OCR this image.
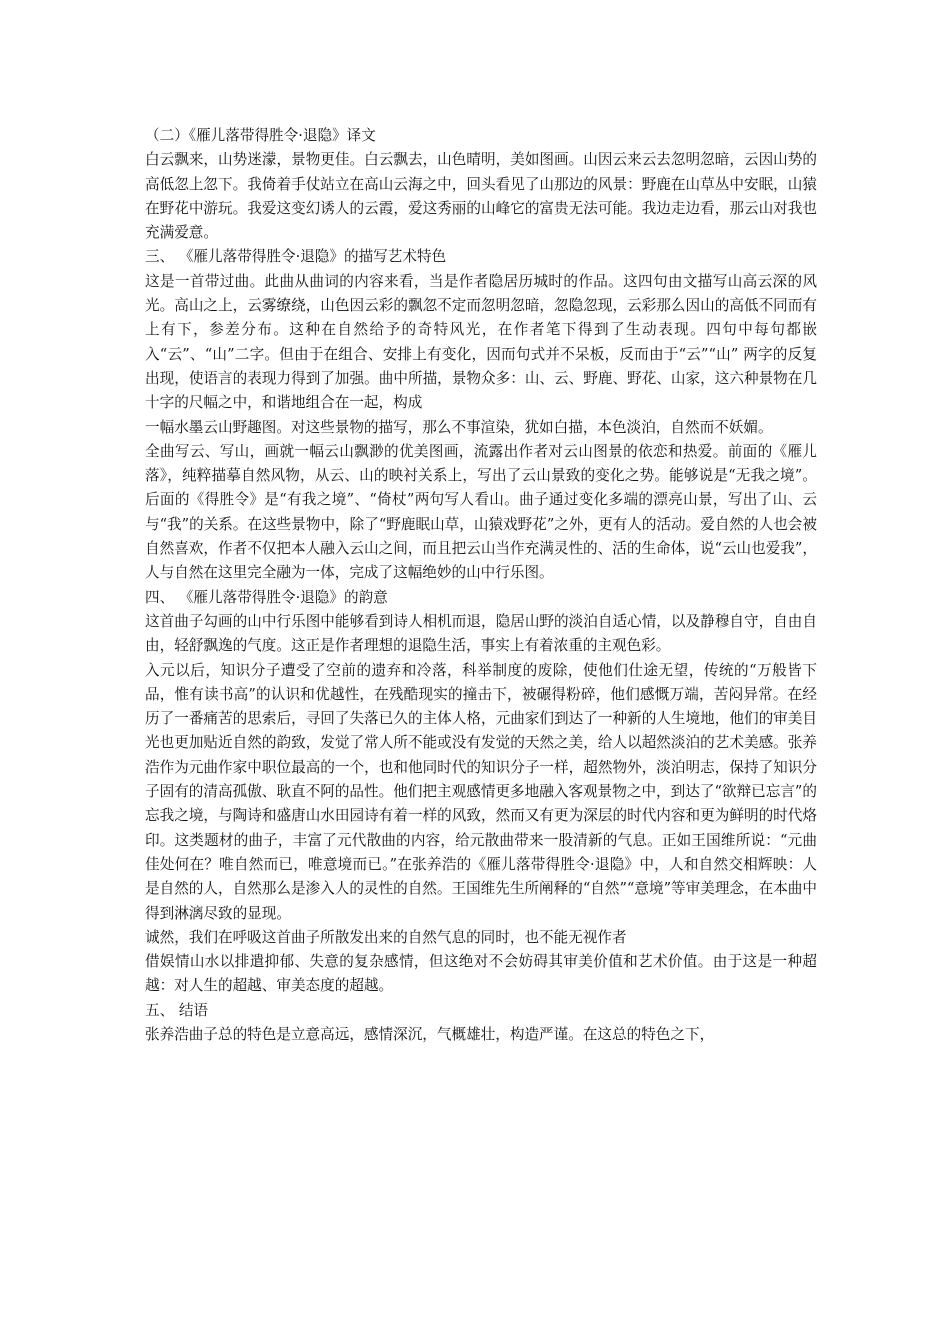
（二）《雁儿落带得胜令·退隐》译文

白云飘来，山势迷濛，景物更佳。白云飘去，山色晴明，美如图画。山因云来云去忽明忽暗，云因山势的高低忽上忽下。我倚着手仗站立在高山云海之中，回头看见了山那边的风景：野鹿在山草丛中安眠，山猿在野花中游玩。我爱这变幻诱人的云霞，爱这秀丽的山峰它的富贵无法可能。我边走边看，那云山对我也充满爱意。

三、 《雁儿落带得胜令·退隐》的描写艺术特色

这是一首带过曲。此曲从曲词的内容来看，当是作者隐居历城时的作品。这四句由文描写山高云深的风光。高山之上，云雾缭绕，山色因云彩的飘忽不定而忽明忽暗，忽隐忽现，云彩那么因山的高低不同而有上有下，参差分布。这种在自然给予的奇特风光，在作者笔下得到了生动表现。四句中每句都嵌入“云”、“山”二字。但由于在组合、安排上有变化，因而句式并不呆板，反而由于“云”“山” 两字的反复出现，使语言的表现力得到了加强。曲中所描，景物众多：山、云、野鹿、野花、山家，这六种景物在几十字的尺幅之中，和谐地组合在一起，构成

一幅水墨云山野趣图。对这些景物的描写，那么不事渲染，犹如白描，本色淡泊，自然而不妖媚。

全曲写云、写山，画就一幅云山飘渺的优美图画，流露出作者对云山图景的依恋和热爱。前面的《雁儿落》，纯粹描摹自然风物，从云、山的映衬关系上，写出了云山景致的变化之势。能够说是“无我之境”。后面的《得胜令》是“有我之境”、“倚杖”两句写人看山。曲子通过变化多端的漂亮山景，写出了山、云与“我”的关系。在这些景物中，除了“野鹿眠山草，山猿戏野花”之外，更有人的活动。爱自然的人也会被自然喜欢，作者不仅把本人融入云山之间，而且把云山当作充满灵性的、活的生命体，说“云山也爱我”，人与自然在这里完全融为一体，完成了这幅绝妙的山中行乐图。

四、 《雁儿落带得胜令·退隐》的韵意

这首曲子勾画的山中行乐图中能够看到诗人相机而退，隐居山野的淡泊自适心情，以及静穆自守，自由自由，轻舒飘逸的气度。这正是作者理想的退隐生活，事实上有着浓重的主观色彩。

入元以后，知识分子遭受了空前的遗弃和冷落，科举制度的废除，使他们仕途无望，传统的“万般皆下品，惟有读书高”的认识和优越性，在残酷现实的撞击下，被碾得粉碎，他们感慨万端，苦闷异常。在经历了一番痛苦的思索后，寻回了失落已久的主体人格，元曲家们到达了一种新的人生境地，他们的审美目光也更加贴近自然的韵致，发觉了常人所不能或没有发觉的天然之美，给人以超然淡泊的艺术美感。张养浩作为元曲作家中职位最高的一个，也和他同时代的知识分子一样，超然物外，淡泊明志，保持了知识分子固有的清高孤傲、耿直不阿的品性。他们把主观感情更多地融入客观景物之中，到达了“欲辩已忘言”的忘我之境，与陶诗和盛唐山水田园诗有着一样的风致，然而又有更为深层的时代内容和更为鲜明的时代烙印。这类题材的曲子，丰富了元代散曲的内容，给元散曲带来一股清新的气息。正如王国维所说：“元曲佳处何在？唯自然而已，唯意境而已。”在张养浩的《雁儿落带得胜令·退隐》中，人和自然交相辉映：人是自然的人，自然那么是渗入人的灵性的自然。王国维先生所阐释的“自然”“意境”等审美理念，在本曲中得到淋漓尽致的显现。

诚然，我们在呼吸这首曲子所散发出来的自然气息的同时，也不能无视作者

借娱情山水以排遣抑郁、失意的复杂感情，但这绝对不会妨碍其审美价值和艺术价值。由于这是一种超越：对人生的超越、审美态度的超越。

五、 结语

张养浩曲子总的特色是立意高远，感情深沉，气概雄壮，构造严谨。在这总的特色之下，
